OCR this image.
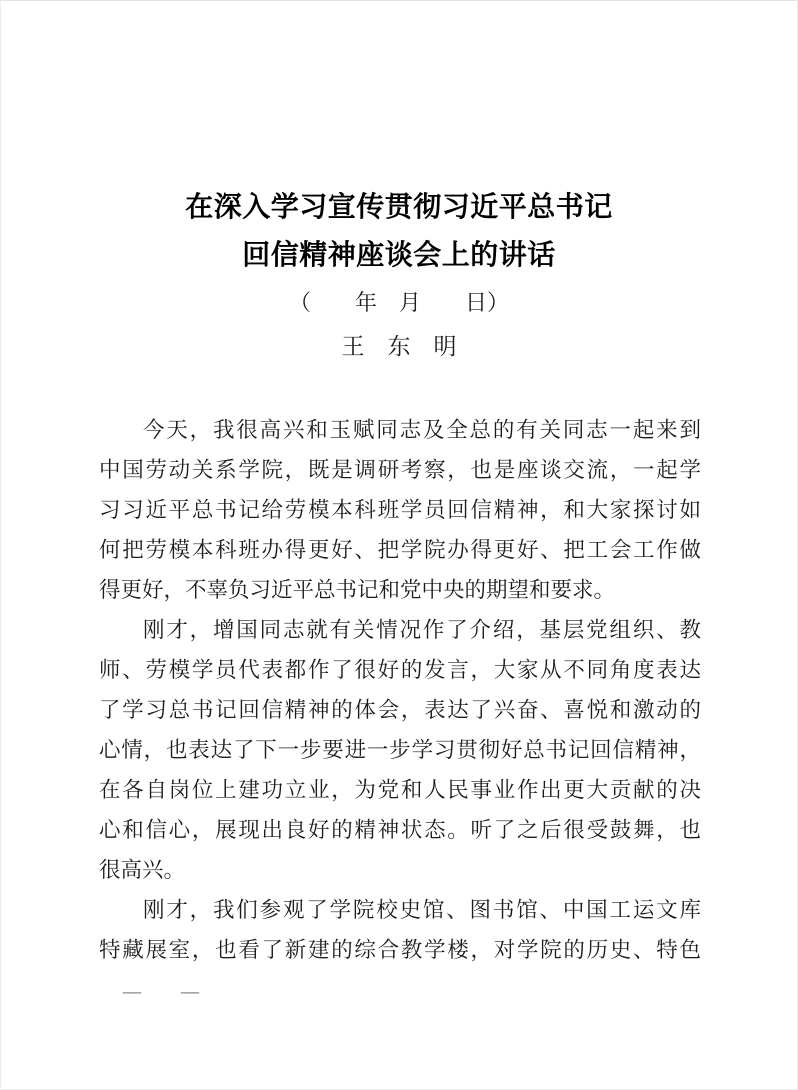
在深入学习宣传贯彻习近平总书记
回信精神座谈会上的讲话
（　　年　月　　日）
王　东　明
今天，我很高兴和玉赋同志及全总的有关同志一起来到
中国劳动关系学院，既是调研考察，也是座谈交流，一起学
习习近平总书记给劳模本科班学员回信精神，和大家探讨如
何把劳模本科班办得更好、把学院办得更好、把工会工作做
得更好，不辜负习近平总书记和党中央的期望和要求。
刚才，增国同志就有关情况作了介绍，基层党组织、教
师、劳模学员代表都作了很好的发言，大家从不同角度表达
了学习总书记回信精神的体会，表达了兴奋、喜悦和激动的
心情，也表达了下一步要进一步学习贯彻好总书记回信精神，
在各自岗位上建功立业，为党和人民事业作出更大贡献的决
心和信心，展现出良好的精神状态。听了之后很受鼓舞，也
很高兴。
刚才，我们参观了学院校史馆、图书馆、中国工运文库
特藏展室，也看了新建的综合教学楼，对学院的历史、特色
— —
